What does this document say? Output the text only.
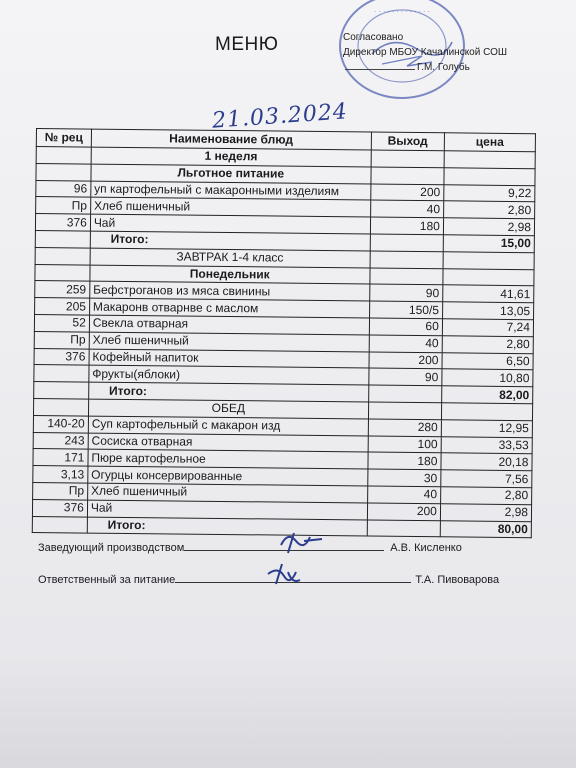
· · · · · · · · · · · · ·
МЕНЮ	Согласовано
Директор МБОУ Качалинской СОШ
Г.М. Голубь
21.03.2024
№ рец	Наименование блюд	Выход	цена
	1 неделя		
	Льготное питание		
96	уп картофельный с макаронными изделиям	200	9,22
Пр	Хлеб пшеничный	40	2,80
376	Чай	180	2,98
	Итого:		15,00
	ЗАВТРАК 1-4 класс		
	Понедельник		
259	Бефстроганов из мяса свинины	90	41,61
205	Макаронв отварнве с маслом	150/5	13,05
52	Свекла отварная	60	7,24
Пр	Хлеб пшеничный	40	2,80
376	Кофейный напиток	200	6,50
	Фрукты(яблоки)	90	10,80
	Итого:		82,00
	ОБЕД		
140-20	Суп картофельный с макарон изд	280	12,95
243	Сосиска отварная	100	33,53
171	Пюре картофельное	180	20,18
3,13	Огурцы консервированные	30	7,56
Пр	Хлеб пшеничный	40	2,80
376	Чай	200	2,98
	Итого:		80,00
Заведующий производством	А.В. Кисленко
Ответственный за питание	Т.А. Пивоварова
